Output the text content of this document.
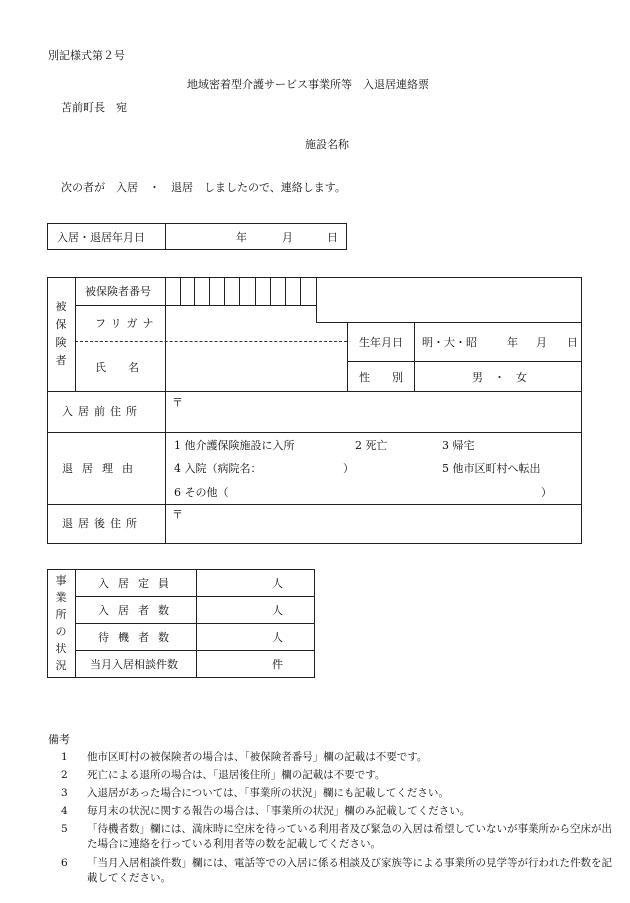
別記様式第２号
地域密着型介護サービス事業所等　入退居連絡票
苫前町長　宛
施設名称
次の者が　入居　・　退居　しましたので、連絡します。
入居・退居年月日	年	月	日
被
保
険
者
被保険者番号
フリガナ
氏　　名
生年月日 明・大・昭	年 月 日
性　　別	男　・　女
入居前住所
〒
退居理由
1 他介護保険施設に入所	2 死亡	3 帰宅
4 入院（病院名：	）	5 他市区町村へ転出
6 その他（	）
退居後住所
〒
事
業
所
の
状
況
入居定員	人
入居者数	人
待機者数	人
当月入居相談件数	件
備考
1 他市区町村の被保険者の場合は、「被保険者番号」欄の記載は不要です。
2 死亡による退所の場合は、「退居後住所」欄の記載は不要です。
3 入退居があった場合については、「事業所の状況」欄にも記載してください。
4 毎月末の状況に関する報告の場合は、「事業所の状況」欄のみ記載してください。
5 「待機者数」欄には、満床時に空床を待っている利用者及び緊急の入居は希望していないが事業所から空床が出た場合に連絡を行っている利用者等の数を記載してください。
6 「当月入居相談件数」欄には、電話等での入居に係る相談及び家族等による事業所の見学等が行われた件数を記載してください。
